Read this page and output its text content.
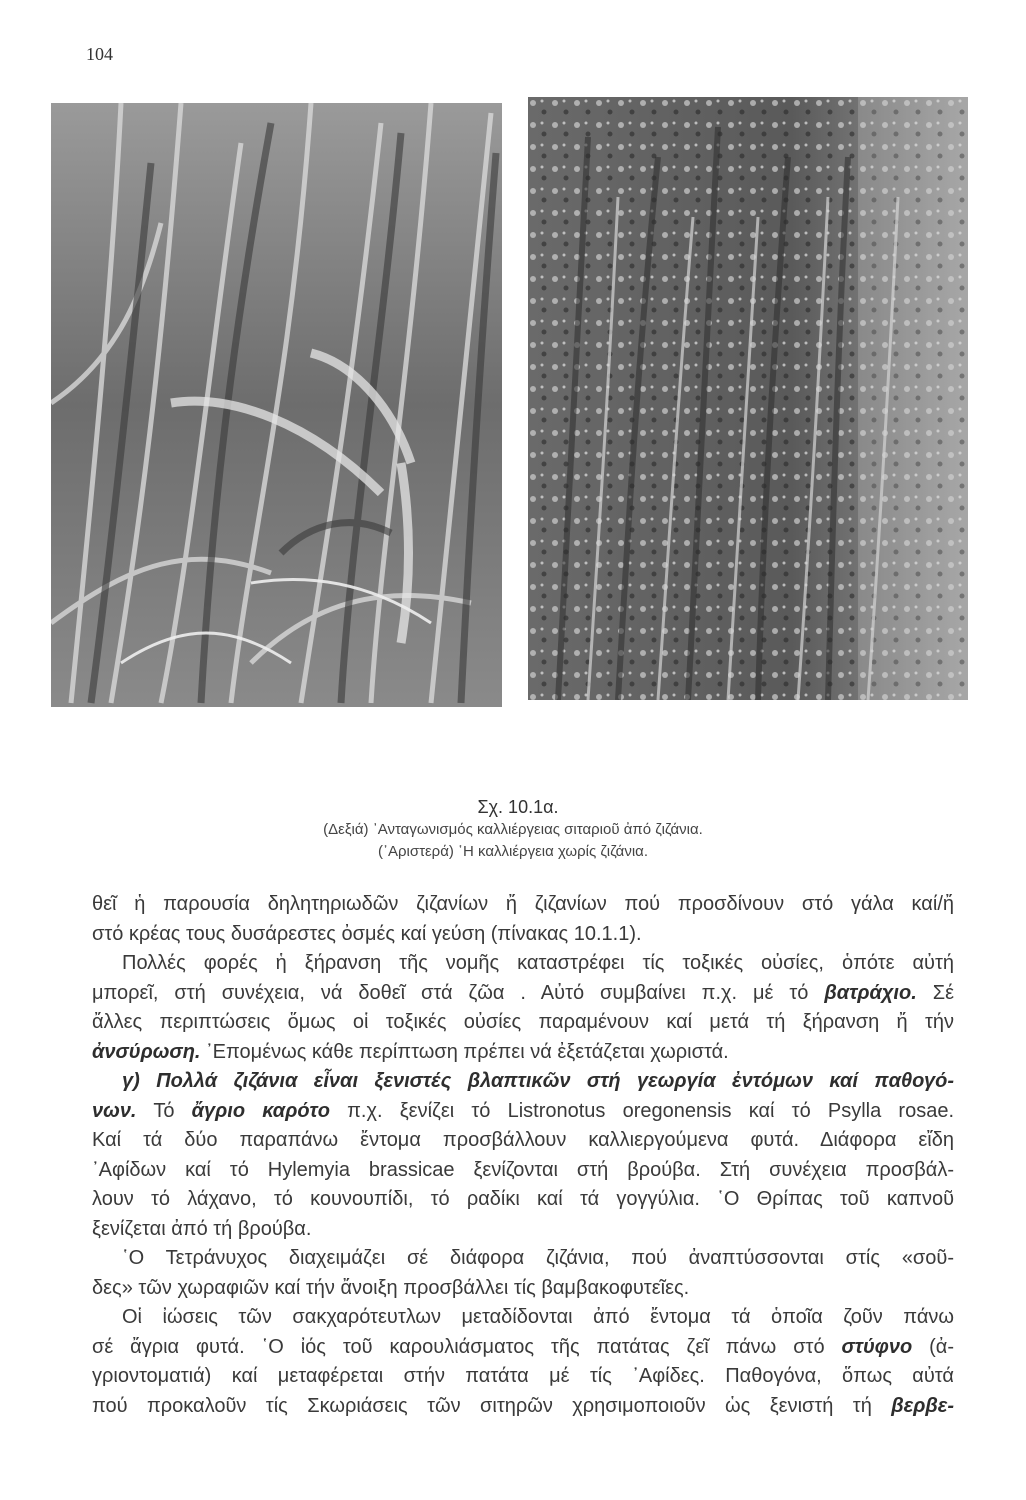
104
Σχ. 10.1α.
(Δεξιά) ᾿Ανταγωνισμός καλλιέργειας σιταριοῦ ἀπό ζιζάνια.
(᾿Αριστερά) ῾Η καλλιέργεια χωρίς ζιζάνια.
θεῖ ἡ παρουσία δηλητηριωδῶν ζιζανίων ἤ ζιζανίων πού προσδίνουν στό γάλα καί/ἤ
στό κρέας τους δυσάρεστες ὀσμές καί γεύση (πίνακας 10.1.1).
Πολλές φορές ἡ ξήρανση τῆς νομῆς καταστρέφει τίς τοξικές οὐσίες, ὁπότε αὐτή
μπορεῖ, στή συνέχεια, νά δοθεῖ στά ζῶα . Αὐτό συμβαίνει π.χ. μέ τό βατράχιο. Σέ
ἄλλες περιπτώσεις ὅμως οἱ τοξικές οὐσίες παραμένουν καί μετά τή ξήρανση ἤ τήν
ἀνσύρωση. ᾿Επομένως κάθε περίπτωση πρέπει νά ἐξετάζεται χωριστά.
γ) Πολλά ζιζάνια εἶναι ξενιστές βλαπτικῶν στή γεωργία ἐντόμων καί παθογό-
νων. Τό ἄγριο καρότο π.χ. ξενίζει τό Listronotus oregonensis καί τό Psylla rosae.
Καί τά δύο παραπάνω ἔντομα προσβάλλουν καλλιεργούμενα φυτά. Διάφορα εἴδη
᾿Αφίδων καί τό Hylemyia brassicae ξενίζονται στή βρούβα. Στή συνέχεια προσβάλ-
λουν τό λάχανο, τό κουνουπίδι, τό ραδίκι καί τά γογγύλια. ῾Ο Θρίπας τοῦ καπνοῦ
ξενίζεται ἀπό τή βρούβα.
῾Ο Τετράνυχος διαχειμάζει σέ διάφορα ζιζάνια, πού ἀναπτύσσονται στίς «σοῦ-
δες» τῶν χωραφιῶν καί τήν ἄνοιξη προσβάλλει τίς βαμβακοφυτεῖες.
Οἱ ἰώσεις τῶν σακχαρότευτλων μεταδίδονται ἀπό ἔντομα τά ὁποῖα ζοῦν πάνω
σέ ἄγρια φυτά. ῾Ο ἰός τοῦ καρουλιάσματος τῆς πατάτας ζεῖ πάνω στό στύφνο (ἀ-
γριοντοματιά) καί μεταφέρεται στήν πατάτα μέ τίς ᾿Αφίδες. Παθογόνα, ὅπως αὐτά
πού προκαλοῦν τίς Σκωριάσεις τῶν σιτηρῶν χρησιμοποιοῦν ὡς ξενιστή τή βερβε-
